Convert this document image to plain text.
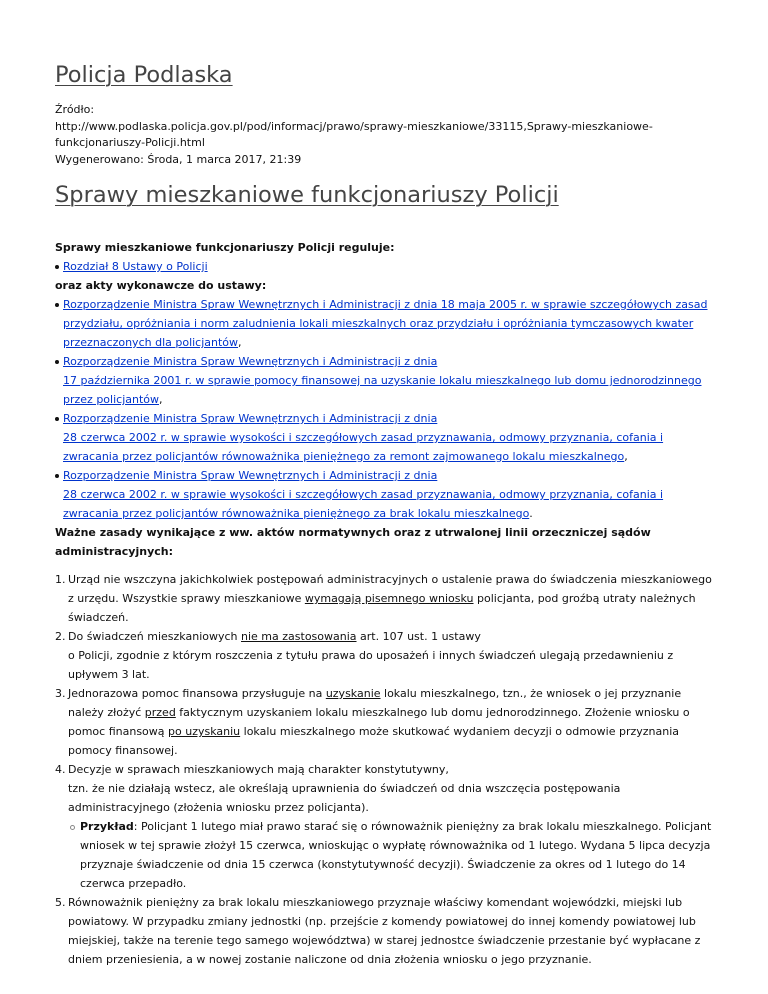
Policja Podlaska
Źródło:
http://www.podlaska.policja.gov.pl/pod/informacj/prawo/sprawy-mieszkaniowe/33115,Sprawy-mieszkaniowe-funkcjonariuszy-Policji.html
Wygenerowano: Środa, 1 marca 2017, 21:39
Sprawy mieszkaniowe funkcjonariuszy Policji

Sprawy mieszkaniowe funkcjonariuszy Policji reguluje:

Rozdział 8 Ustawy o Policji

oraz akty wykonawcze do ustawy:

Rozporządzenie Ministra Spraw Wewnętrznych i Administracji z dnia 18 maja 2005 r. w sprawie szczegółowych zasad przydziału, opróżniania i norm zaludnienia lokali mieszkalnych oraz przydziału i opróżniania tymczasowych kwater przeznaczonych dla policjantów,
Rozporządzenie Ministra Spraw Wewnętrznych i Administracji z dnia
17 października 2001 r. w sprawie pomocy finansowej na uzyskanie lokalu mieszkalnego lub domu jednorodzinnego przez policjantów,
Rozporządzenie Ministra Spraw Wewnętrznych i Administracji z dnia
28 czerwca 2002 r. w sprawie wysokości i szczegółowych zasad przyznawania, odmowy przyznania, cofania i zwracania przez policjantów równoważnika pieniężnego za remont zajmowanego lokalu mieszkalnego,
Rozporządzenie Ministra Spraw Wewnętrznych i Administracji z dnia
28 czerwca 2002 r. w sprawie wysokości i szczegółowych zasad przyznawania, odmowy przyznania, cofania i zwracania przez policjantów równoważnika pieniężnego za brak lokalu mieszkalnego.

Ważne zasady wynikające z ww. aktów normatywnych oraz z utrwalonej linii orzeczniczej sądów administracyjnych:

1. Urząd nie wszczyna jakichkolwiek postępowań administracyjnych o ustalenie prawa do świadczenia mieszkaniowego z urzędu. Wszystkie sprawy mieszkaniowe wymagają pisemnego wniosku policjanta, pod groźbą utraty należnych świadczeń.
2. Do świadczeń mieszkaniowych nie ma zastosowania art. 107 ust. 1 ustawy
o Policji, zgodnie z którym roszczenia z tytułu prawa do uposażeń i innych świadczeń ulegają przedawnieniu z upływem 3 lat.
3. Jednorazowa pomoc finansowa przysługuje na uzyskanie lokalu mieszkalnego, tzn., że wniosek o jej przyznanie należy złożyć przed faktycznym uzyskaniem lokalu mieszkalnego lub domu jednorodzinnego. Złożenie wniosku o pomoc finansową po uzyskaniu lokalu mieszkalnego może skutkować wydaniem decyzji o odmowie przyznania pomocy finansowej.
4. Decyzje w sprawach mieszkaniowych mają charakter konstytutywny,
tzn. że nie działają wstecz, ale określają uprawnienia do świadczeń od dnia wszczęcia postępowania administracyjnego (złożenia wniosku przez policjanta).
Przykład: Policjant 1 lutego miał prawo starać się o równoważnik pieniężny za brak lokalu mieszkalnego. Policjant wniosek w tej sprawie złożył 15 czerwca, wnioskując o wypłatę równoważnika od 1 lutego. Wydana 5 lipca decyzja przyznaje świadczenie od dnia 15 czerwca (konstytutywność decyzji). Świadczenie za okres od 1 lutego do 14 czerwca przepadło.
5. Równoważnik pieniężny za brak lokalu mieszkaniowego przyznaje właściwy komendant wojewódzki, miejski lub powiatowy. W przypadku zmiany jednostki (np. przejście z komendy powiatowej do innej komendy powiatowej lub miejskiej, także na terenie tego samego województwa) w starej jednostce świadczenie przestanie być wypłacane z dniem przeniesienia, a w nowej zostanie naliczone od dnia złożenia wniosku o jego przyznanie.
